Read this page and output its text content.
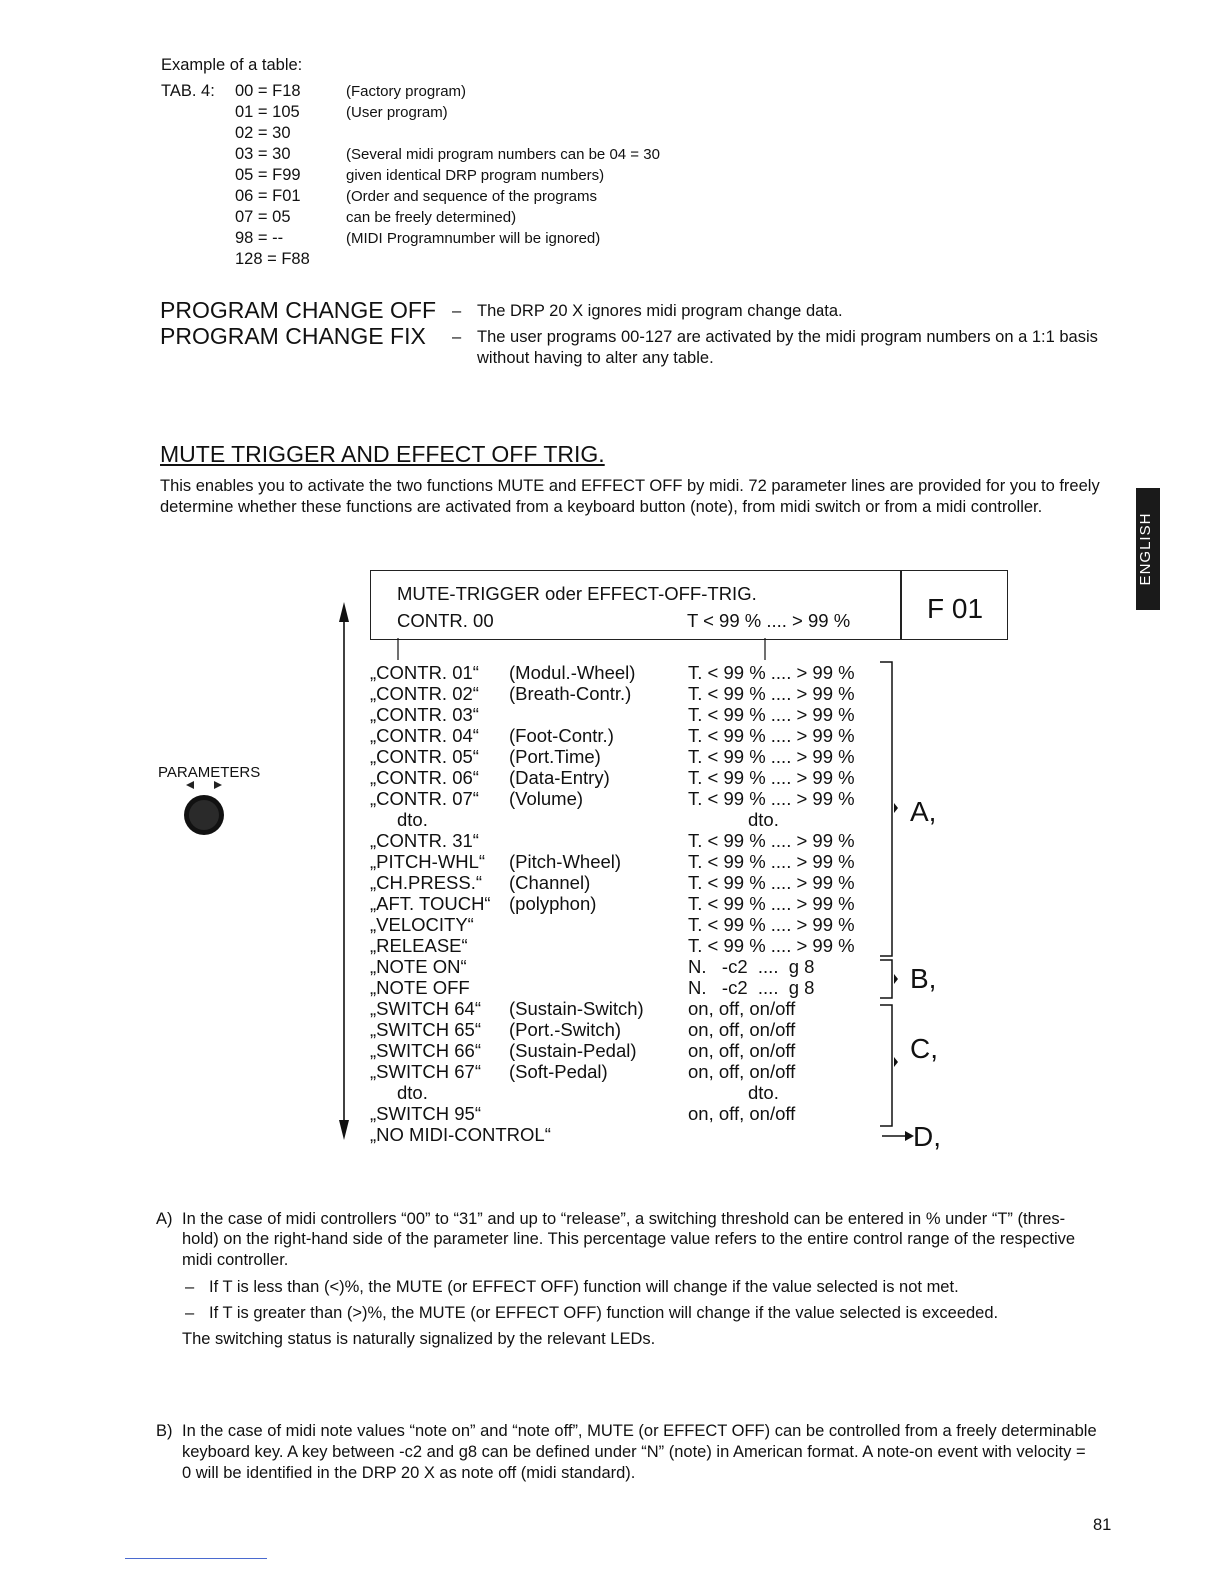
Example of a table:
TAB. 4: 00 = F18	(Factory program)
01 = 105	(User program)
02 = 30
03 = 30	(Several midi program numbers can be 04 = 30
05 = F99	given identical DRP program numbers)
06 = F01	(Order and sequence of the programs
07 = 05	can be freely determined)
98 = --	(MIDI Programnumber will be ignored)
128 = F88
PROGRAM CHANGE OFF – The DRP 20 X ignores midi program change data.
PROGRAM CHANGE FIX – The user programs 00-127 are activated by the midi program numbers on a 1:1 basis
without having to alter any table.
MUTE TRIGGER AND EFFECT OFF TRIG.
This enables you to activate the two functions MUTE and EFFECT OFF by midi. 72 parameter lines are provided for you to freely
determine whether these functions are activated from a keyboard button (note), from midi switch or from a midi controller.
ENGLISH
MUTE-TRIGGER oder EFFECT-OFF-TRIG.
CONTR. 00	T < 99 % .... > 99 %	F 01
PARAMETERS
A,
B,
C,
D,
„CONTR. 01“ (Modul.-Wheel)	T. < 99 % .... > 99 %
„CONTR. 02“ (Breath-Contr.)	T. < 99 % .... > 99 %
„CONTR. 03“	T. < 99 % .... > 99 %
„CONTR. 04“ (Foot-Contr.)	T. < 99 % .... > 99 %
„CONTR. 05“ (Port.Time)	T. < 99 % .... > 99 %
„CONTR. 06“ (Data-Entry)	T. < 99 % .... > 99 %
„CONTR. 07“ (Volume)	T. < 99 % .... > 99 %
dto.	dto.
„CONTR. 31“	T. < 99 % .... > 99 %
„PITCH-WHL“ (Pitch-Wheel)	T. < 99 % .... > 99 %
„CH.PRESS.“ (Channel)	T. < 99 % .... > 99 %
„AFT. TOUCH“ (polyphon)	T. < 99 % .... > 99 %
„VELOCITY“	T. < 99 % .... > 99 %
„RELEASE“	T. < 99 % .... > 99 %
„NOTE ON“	N.   -c2  ....  g 8
„NOTE OFF	N.   -c2  ....  g 8
„SWITCH 64“ (Sustain-Switch) on, off, on/off
„SWITCH 65“ (Port.-Switch)	on, off, on/off
„SWITCH 66“ (Sustain-Pedal)	on, off, on/off
„SWITCH 67“ (Soft-Pedal)	on, off, on/off
dto.	dto.
„SWITCH 95“	on, off, on/off
„NO MIDI-CONTROL“
A) In the case of midi controllers “00” to “31” and up to “release”, a switching threshold can be entered in % under “T” (thres-
hold) on the right-hand side of the parameter line. This percentage value refers to the entire control range of the respective
midi controller.
– If T is less than (<)%, the MUTE (or EFFECT OFF) function will change if the value selected is not met.
– If T is greater than (>)%, the MUTE (or EFFECT OFF) function will change if the value selected is exceeded.
The switching status is naturally signalized by the relevant LEDs.
B) In the case of midi note values “note on” and “note off”, MUTE (or EFFECT OFF) can be controlled from a freely determinable
keyboard key. A key between -c2 and g8 can be defined under “N” (note) in American format. A note-on event with velocity =
0 will be identified in the DRP 20 X as note off (midi standard).
81
